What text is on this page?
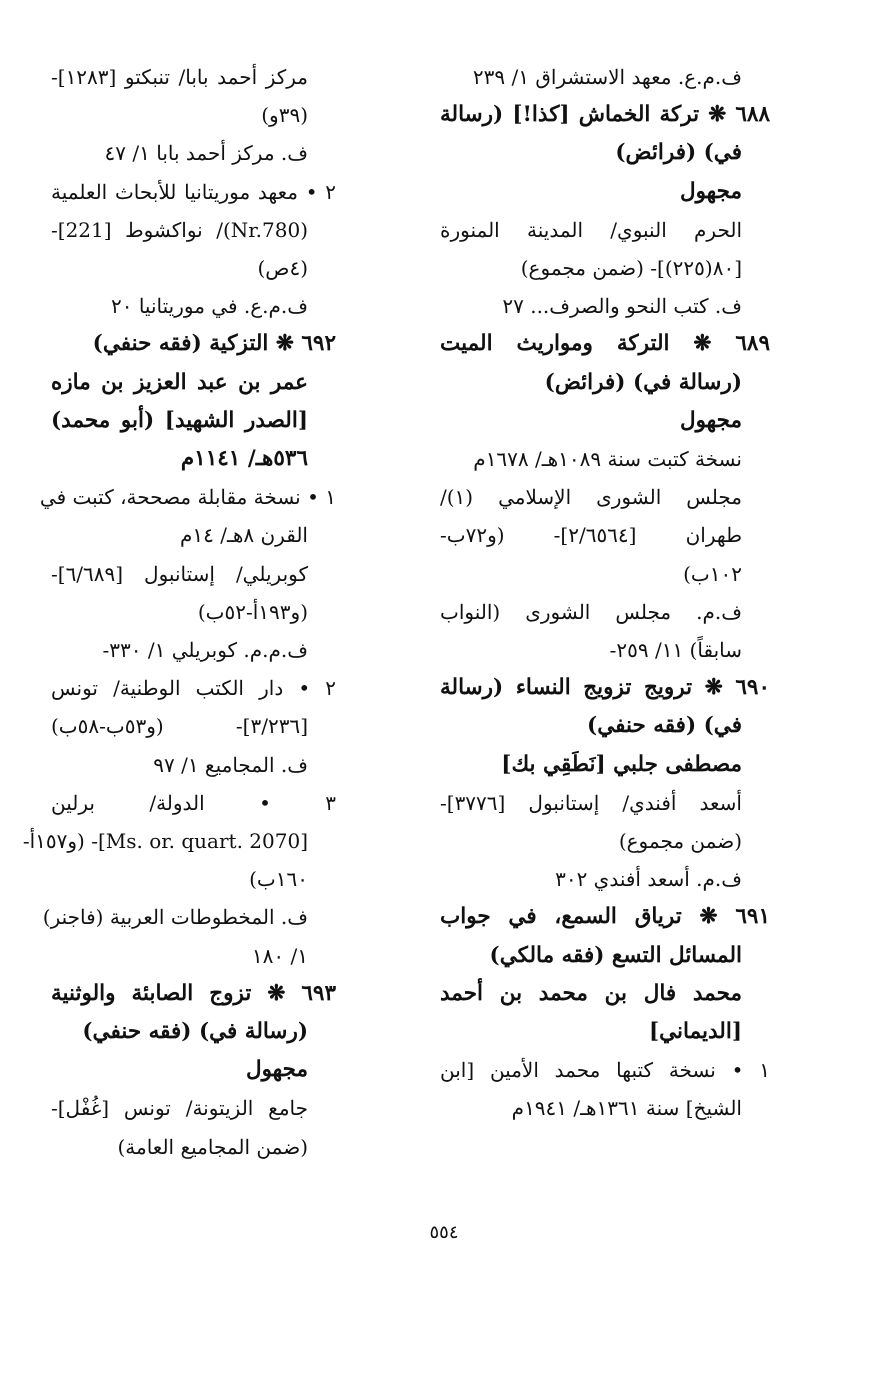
ف.م.ع. معهد الاستشراق ١/ ٢٣٩
٦٨٨ ❋ تركة الخماش [كذا!] (رسالة
في) (فرائض)
مجهول
الحرم النبوي/ المدينة المنورة
[٨٠(٢٢٥)]- (ضمن مجموع)
ف. كتب النحو والصرف... ٢٧
٦٨٩ ❋ التركة ومواريث الميت
(رسالة في) (فرائض)
مجهول
نسخة كتبت سنة ١٠٨٩هـ/ ١٦٧٨م
مجلس الشورى الإسلامي (١)/
طهران [٢/٦٥٦٤]- (و٧٢ب-
١٠٢ب)
ف.م. مجلس الشورى (النواب
سابقاً) ١١/ ٢٥٩-
٦٩٠ ❋ ترويج تزويج النساء (رسالة
في) (فقه حنفي)
مصطفى جلبي [نَطَقِي بك]
أسعد أفندي/ إستانبول [٣٧٧٦]-
(ضمن مجموع)
ف.م. أسعد أفندي ٣٠٢
٦٩١ ❋ ترياق السمع، في جواب
المسائل التسع (فقه مالكي)
محمد فال بن محمد بن أحمد
[الديماني]
١ • نسخة كتبها محمد الأمين [ابن
الشيخ] سنة ١٣٦١هـ/ ١٩٤١م
مركز أحمد بابا/ تنبكتو [١٢٨٣]-
(٣٩و)
ف. مركز أحمد بابا ١/ ٤٧
٢ • معهد موريتانيا للأبحاث العلمية
(Nr.780)/ نواكشوط [221]-
(٤ص)
ف.م.ع. في موريتانيا ٢٠
٦٩٢ ❋ التزكية (فقه حنفي)
عمر بن عبد العزيز بن مازه
[الصدر الشهيد] (أبو محمد)
٥٣٦هـ/ ١١٤١م
١ • نسخة مقابلة مصححة، كتبت في
القرن ٨هـ/ ١٤م
كوبريلي/ إستانبول [٦/٦٨٩]-
(و١٩٣أ-٥٢ب)
ف.م.م. كوبريلي ١/ ٣٣٠-
٢ • دار الكتب الوطنية/ تونس
[٣/٢٣٦]- (و٥٣ب-٥٨ب)
ف. المجاميع ١/ ٩٧
٣ • الدولة/ برلين
[Ms. or. quart. 2070]- (و١٥٧أ-
١٦٠ب)
ف. المخطوطات العربية (فاجنر)
١/ ١٨٠
٦٩٣ ❋ تزوج الصابئة والوثنية
(رسالة في) (فقه حنفي)
مجهول
جامع الزيتونة/ تونس [غُفْل]-
(ضمن المجاميع العامة)
٥٥٤
